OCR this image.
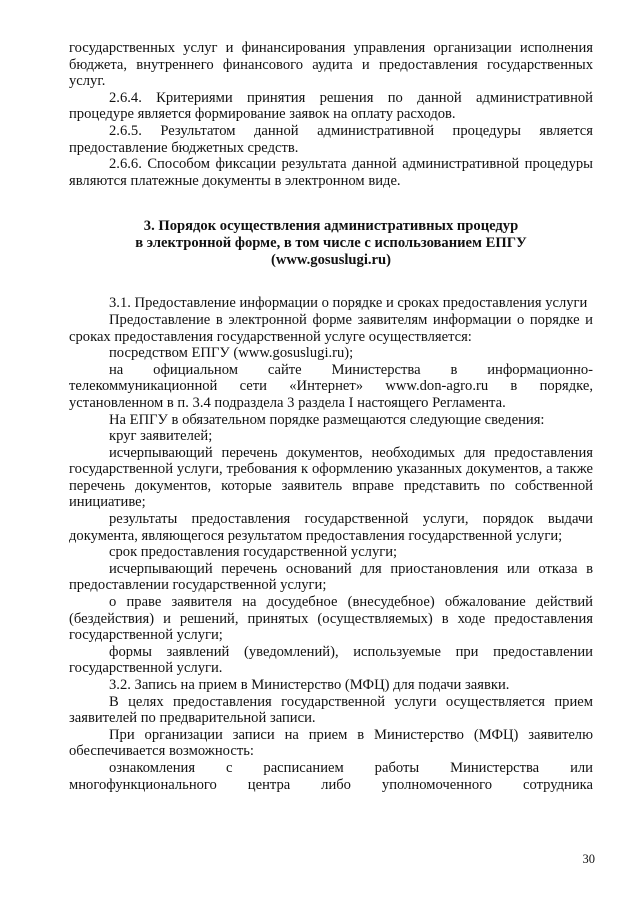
государственных услуг и финансирования управления организации исполнения бюджета, внутреннего финансового аудита и предоставления государственных услуг.

2.6.4. Критериями принятия решения по данной административной процедуре является формирование заявок на оплату расходов.

2.6.5. Результатом данной административной процедуры является предоставление бюджетных средств.

2.6.6. Способом фиксации результата данной административной процедуры являются платежные документы в электронном виде.

3. Порядок осуществления административных процедур
в электронной форме, в том числе с использованием ЕПГУ
(www.gosuslugi.ru)

3.1. Предоставление информации о порядке и сроках предоставления услуги

Предоставление в электронной форме заявителям информации о порядке и сроках предоставления государственной услуге осуществляется:

посредством ЕПГУ (www.gosuslugi.ru);

на официальном сайте Министерства в информационно-телекоммуникационной сети «Интернет» www.don-agro.ru в порядке, установленном в п. 3.4 подраздела 3 раздела I настоящего Регламента.

На ЕПГУ в обязательном порядке размещаются следующие сведения:

круг заявителей;

исчерпывающий перечень документов, необходимых для предоставления государственной услуги, требования к оформлению указанных документов, а также перечень документов, которые заявитель вправе представить по собственной инициативе;

результаты предоставления государственной услуги, порядок выдачи документа, являющегося результатом предоставления государственной услуги;

срок предоставления государственной услуги;

исчерпывающий перечень оснований для приостановления или отказа в предоставлении государственной услуги;

о праве заявителя на досудебное (внесудебное) обжалование действий (бездействия) и решений, принятых (осуществляемых) в ходе предоставления государственной услуги;

формы заявлений (уведомлений), используемые при предоставлении государственной услуги.

3.2. Запись на прием в Министерство (МФЦ) для подачи заявки.

В целях предоставления государственной услуги осуществляется прием заявителей по предварительной записи.

При организации записи на прием в Министерство (МФЦ) заявителю обеспечивается возможность:

ознакомления с расписанием работы Министерства или многофункционального центра либо уполномоченного сотрудника

30
